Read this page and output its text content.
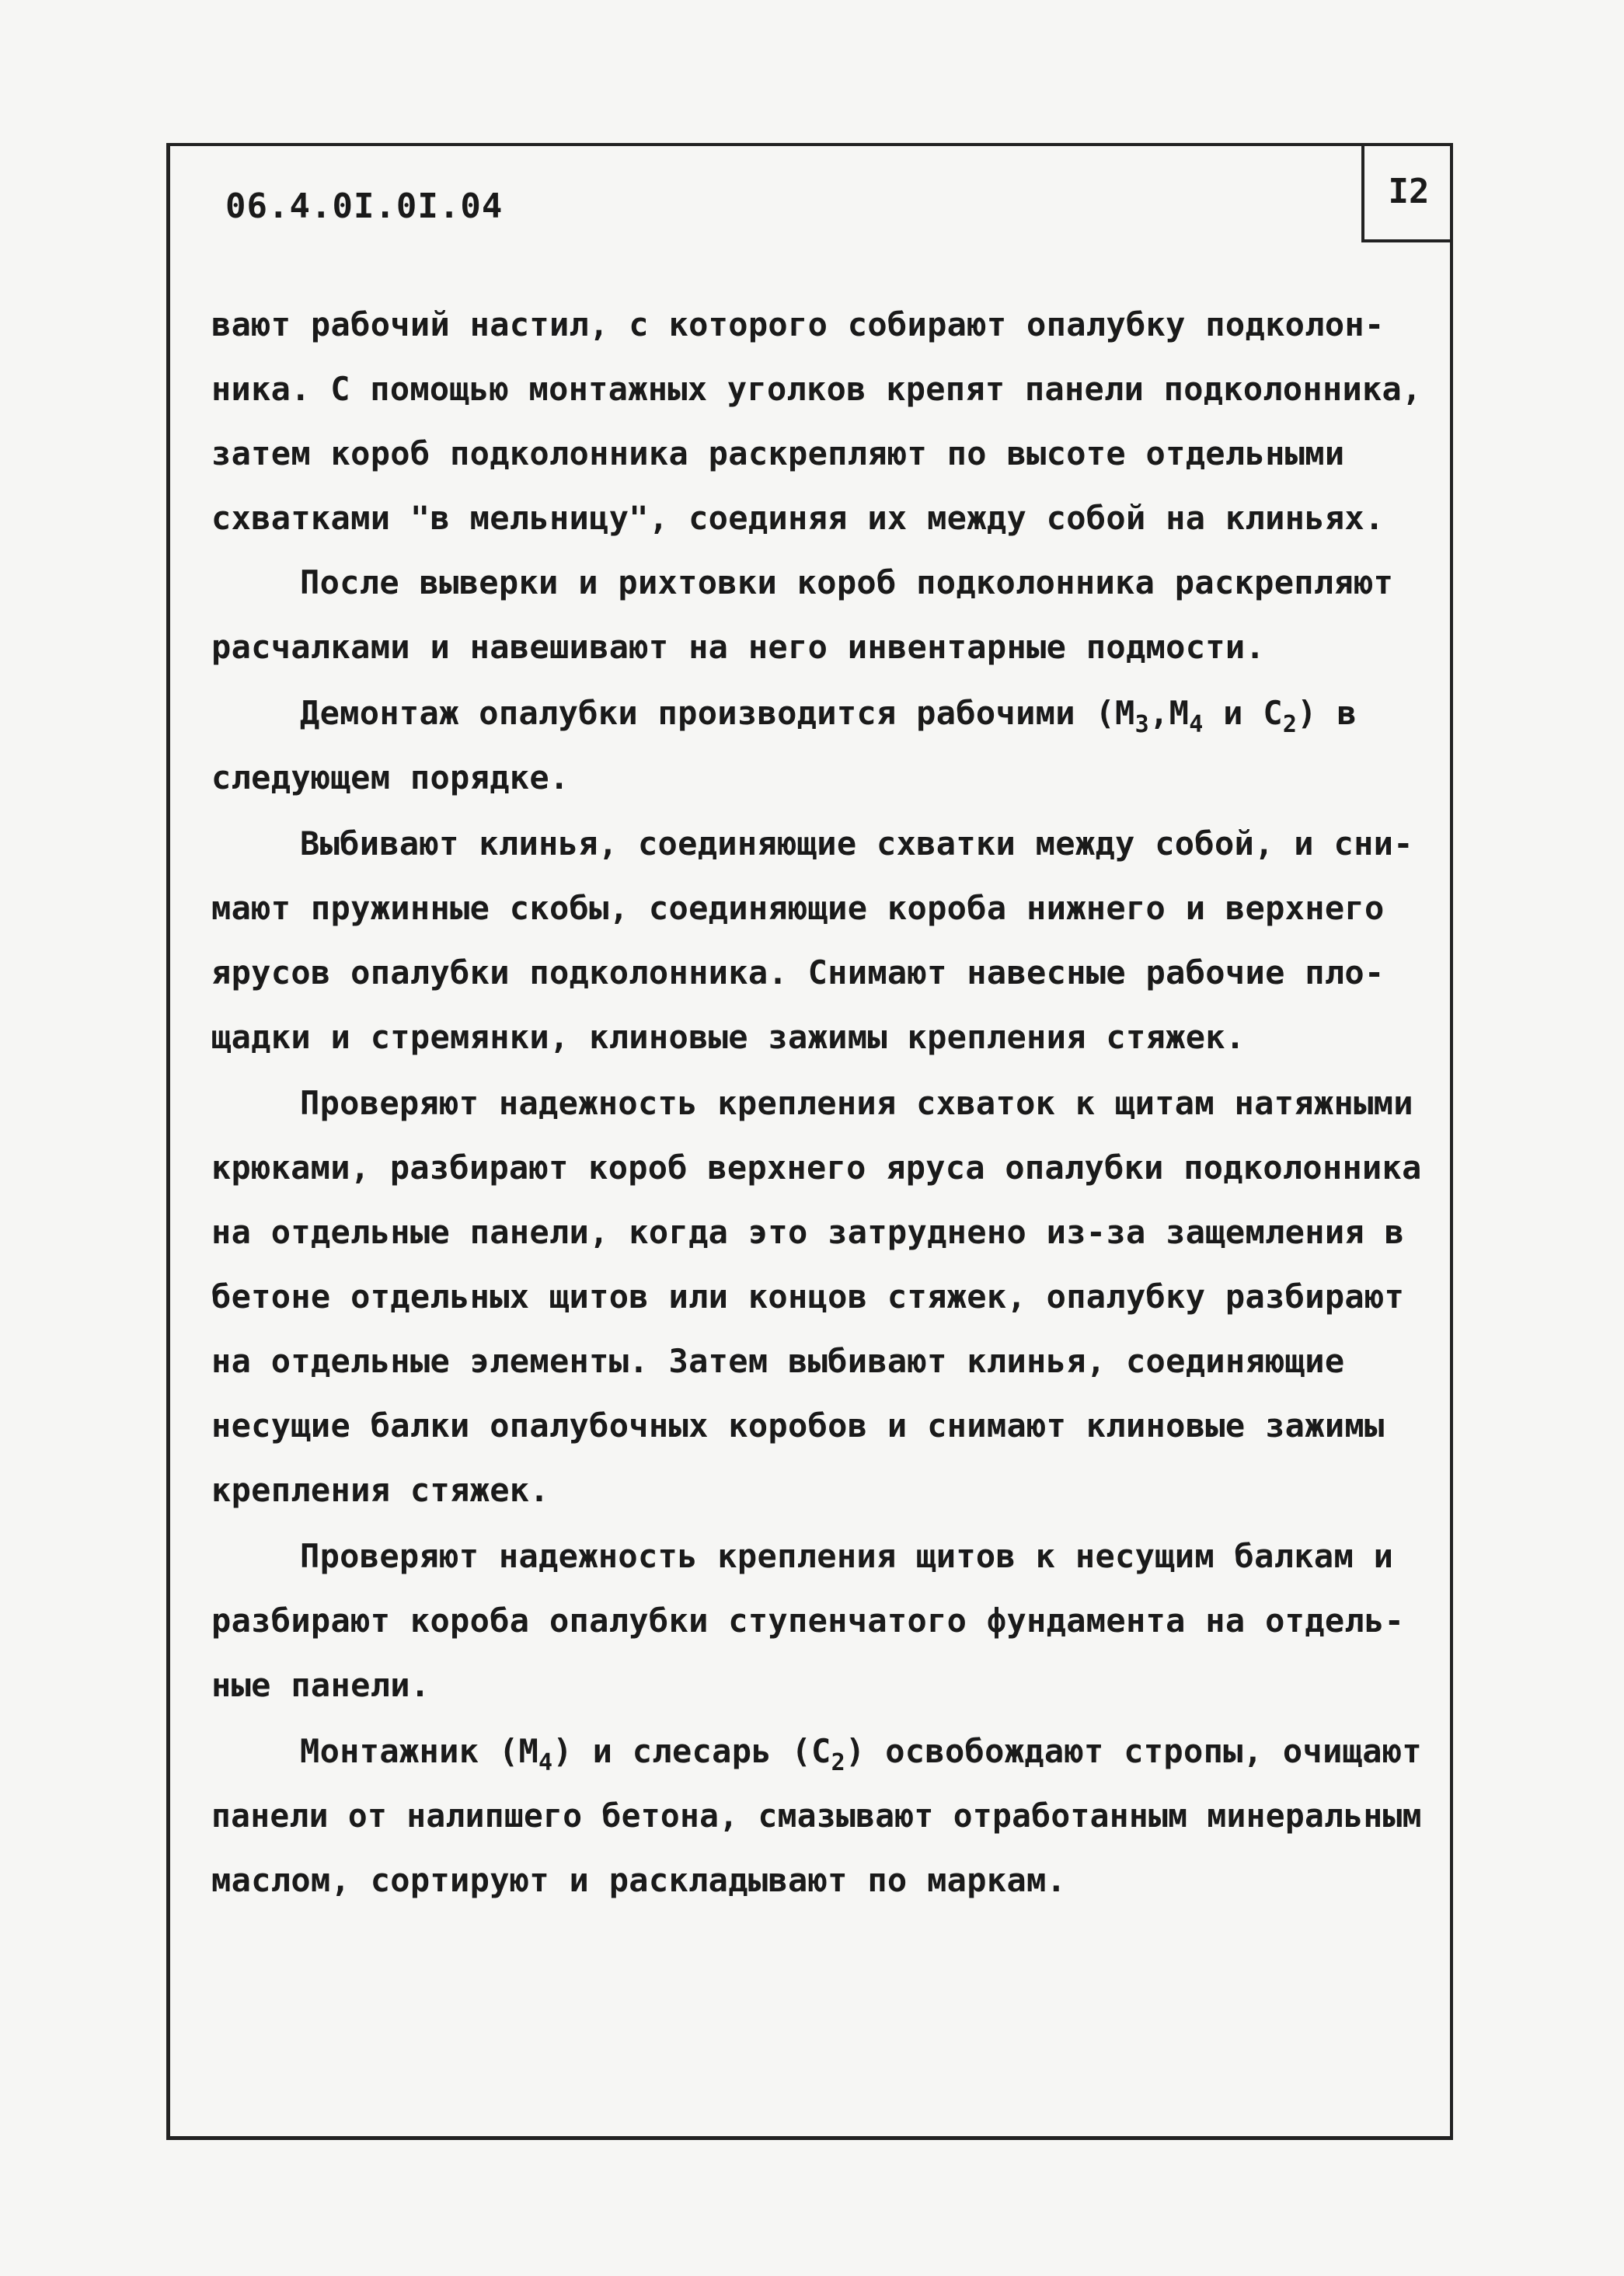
06.4.0I.0I.04	I2
вают рабочий настил, с которого собирают опалубку подколон-
ника. С помощью монтажных уголков крепят панели подколонника,
затем короб подколонника раскрепляют по высоте отдельными
схватками "в мельницу", соединяя их между собой на клиньях.
После выверки и рихтовки короб подколонника раскрепляют
расчалками и навешивают на него инвентарные подмости.
Демонтаж опалубки производится рабочими ($М_3,М_4$ и $С_2$) в
следующем порядке.
Выбивают клинья, соединяющие схватки между собой, и сни-
мают пружинные скобы, соединяющие короба нижнего и верхнего
ярусов опалубки подколонника. Снимают навесные рабочие пло-
щадки и стремянки, клиновые зажимы крепления стяжек.
Проверяют надежность крепления схваток к щитам натяжными
крюками, разбирают короб верхнего яруса опалубки подколонника
на отдельные панели, когда это затруднено из-за защемления в
бетоне отдельных щитов или концов стяжек, опалубку разбирают
на отдельные элементы. Затем выбивают клинья, соединяющие
несущие балки опалубочных коробов и снимают клиновые зажимы
крепления стяжек.
Проверяют надежность крепления щитов к несущим балкам и
разбирают короба опалубки ступенчатого фундамента на отдель-
ные панели.
Монтажник $(М_4)$ и слесарь $(С_2)$ освобождают стропы, очищают
панели от налипшего бетона, смазывают отработанным минеральным
маслом, сортируют и раскладывают по маркам.
